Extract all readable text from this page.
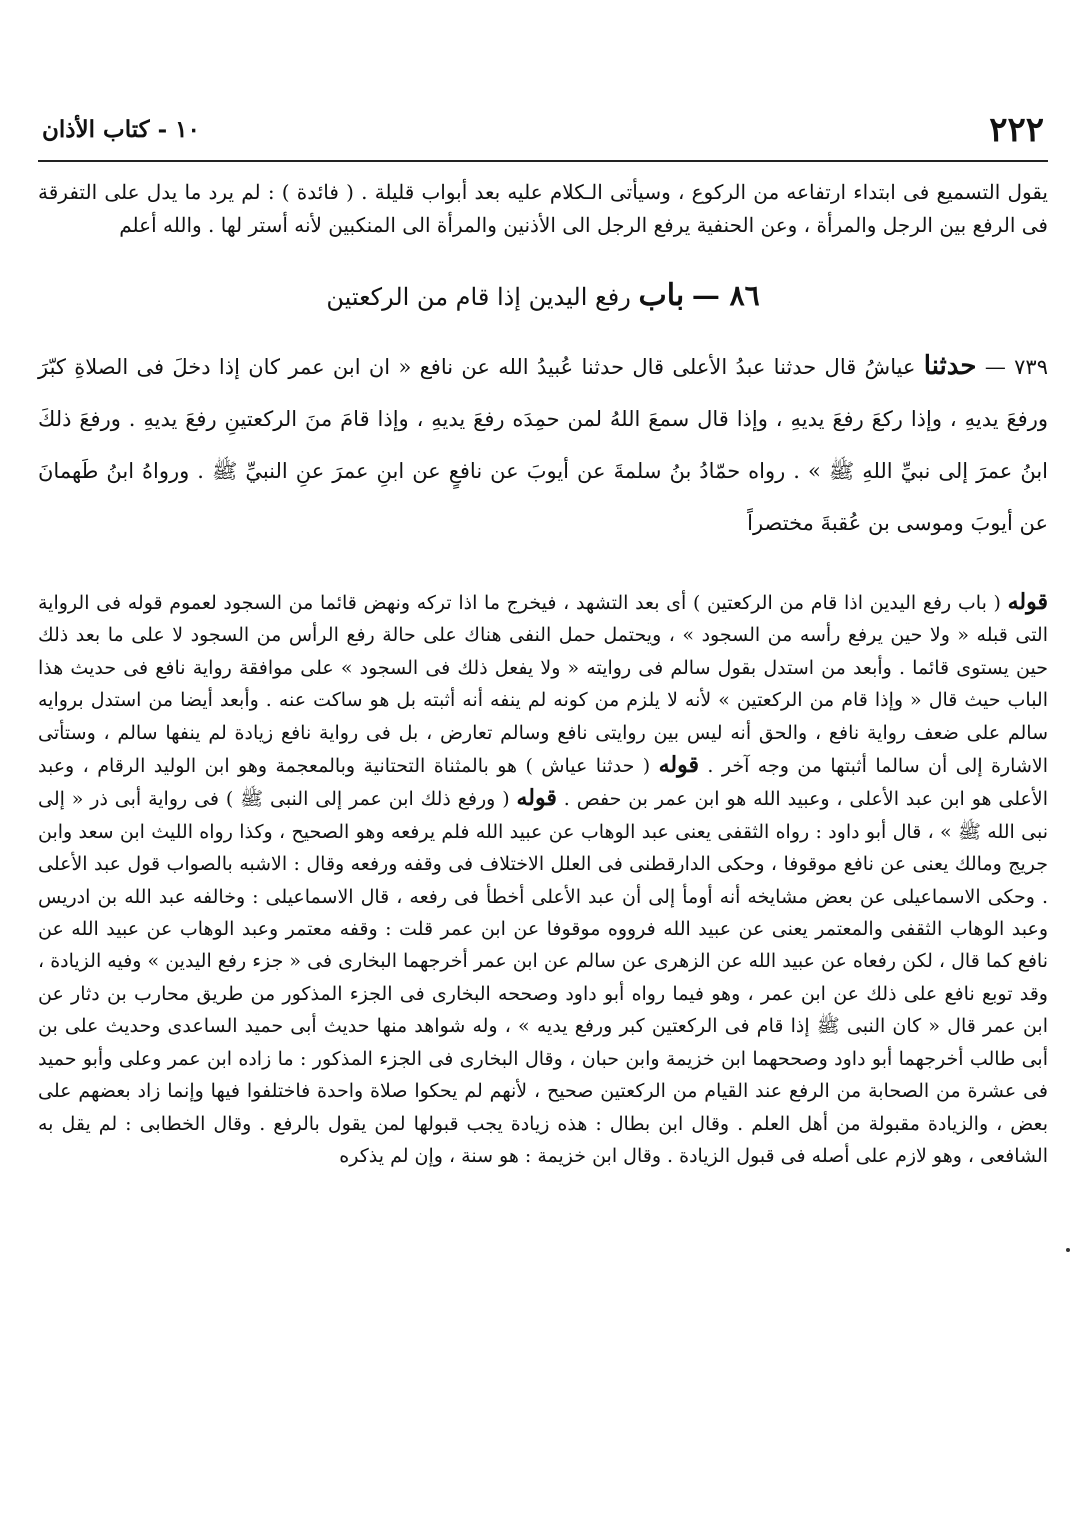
٢٢٢
١٠ - كتاب الأذان
يقول التسميع فى ابتداء ارتفاعه من الركوع ، وسيأتى الـكلام عليه بعد أبواب قليلة . ( فائدة ) : لم يرد ما يدل على التفرقة فى الرفع بين الرجل والمرأة ، وعن الحنفية يرفع الرجل الى الأذنين والمرأة الى المنكبين لأنه أستر لها . والله أعلم
٨٦ — باب رفع اليدين إذا قام من الركعتين
٧٣٩ — حدثنا عياشُ قال حدثنا عبدُ الأعلى قال حدثنا عُبيدُ الله عن نافع « ان ابن عمر كان إذا دخلَ فى الصلاةِ كبّرَ ورفعَ يديهِ ، وإذا ركعَ رفعَ يديهِ ، وإذا قال سمعَ اللهُ لمن حمِدَه رفعَ يديهِ ، وإذا قامَ منَ الركعتينِ رفعَ يديهِ . ورفعَ ذلكَ ابنُ عمرَ إلى نبيِّ اللهِ ﷺ » . رواه حمّادُ بنُ سلمةَ عن أيوبَ عن نافعٍ عن ابنِ عمرَ عنِ النبيِّ ﷺ . ورواهُ ابنُ طَهمانَ عن أيوبَ وموسى بن عُقبةَ مختصراً
قوله ( باب رفع اليدين اذا قام من الركعتين ) أى بعد التشهد ، فيخرج ما اذا تركه ونهض قائما من السجود لعموم قوله فى الرواية التى قبله « ولا حين يرفع رأسه من السجود » ، ويحتمل حمل النفى هناك على حالة رفع الرأس من السجود لا على ما بعد ذلك حين يستوى قائما . وأبعد من استدل بقول سالم فى روايته « ولا يفعل ذلك فى السجود » على موافقة رواية نافع فى حديث هذا الباب حيث قال « وإذا قام من الركعتين » لأنه لا يلزم من كونه لم ينفه أنه أثبته بل هو ساكت عنه . وأبعد أيضا من استدل بروايه سالم على ضعف رواية نافع ، والحق أنه ليس بين روايتى نافع وسالم تعارض ، بل فى رواية نافع زيادة لم ينفها سالم ، وستأتى الاشارة إلى أن سالما أثبتها من وجه آخر . قوله ( حدثنا عياش ) هو بالمثناة التحتانية وبالمعجمة وهو ابن الوليد الرقام ، وعبد الأعلى هو ابن عبد الأعلى ، وعبيد الله هو ابن عمر بن حفص . قوله ( ورفع ذلك ابن عمر إلى النبى ﷺ ) فى رواية أبى ذر « إلى نبى الله ﷺ » ، قال أبو داود : رواه الثقفى يعنى عبد الوهاب عن عبيد الله فلم يرفعه وهو الصحيح ، وكذا رواه الليث ابن سعد وابن جريج ومالك يعنى عن نافع موقوفا ، وحكى الدارقطنى فى العلل الاختلاف فى وقفه ورفعه وقال : الاشبه بالصواب قول عبد الأعلى . وحكى الاسماعيلى عن بعض مشايخه أنه أومأ إلى أن عبد الأعلى أخطأ فى رفعه ، قال الاسماعيلى : وخالفه عبد الله بن ادريس وعبد الوهاب الثقفى والمعتمر يعنى عن عبيد الله فرووه موقوفا عن ابن عمر قلت : وقفه معتمر وعبد الوهاب عن عبيد الله عن نافع كما قال ، لكن رفعاه عن عبيد الله عن الزهرى عن سالم عن ابن عمر أخرجهما البخارى فى « جزء رفع اليدين » وفيه الزيادة ، وقد توبع نافع على ذلك عن ابن عمر ، وهو فيما رواه أبو داود وصححه البخارى فى الجزء المذكور من طريق محارب بن دثار عن ابن عمر قال « كان النبى ﷺ إذا قام فى الركعتين كبر ورفع يديه » ، وله شواهد منها حديث أبى حميد الساعدى وحديث على بن أبى طالب أخرجهما أبو داود وصححهما ابن خزيمة وابن حبان ، وقال البخارى فى الجزء المذكور : ما زاده ابن عمر وعلى وأبو حميد فى عشرة من الصحابة من الرفع عند القيام من الركعتين صحيح ، لأنهم لم يحكوا صلاة واحدة فاختلفوا فيها وإنما زاد بعضهم على بعض ، والزيادة مقبولة من أهل العلم . وقال ابن بطال : هذه زيادة يجب قبولها لمن يقول بالرفع . وقال الخطابى : لم يقل به الشافعى ، وهو لازم على أصله فى قبول الزيادة . وقال ابن خزيمة : هو سنة ، وإن لم يذكره
